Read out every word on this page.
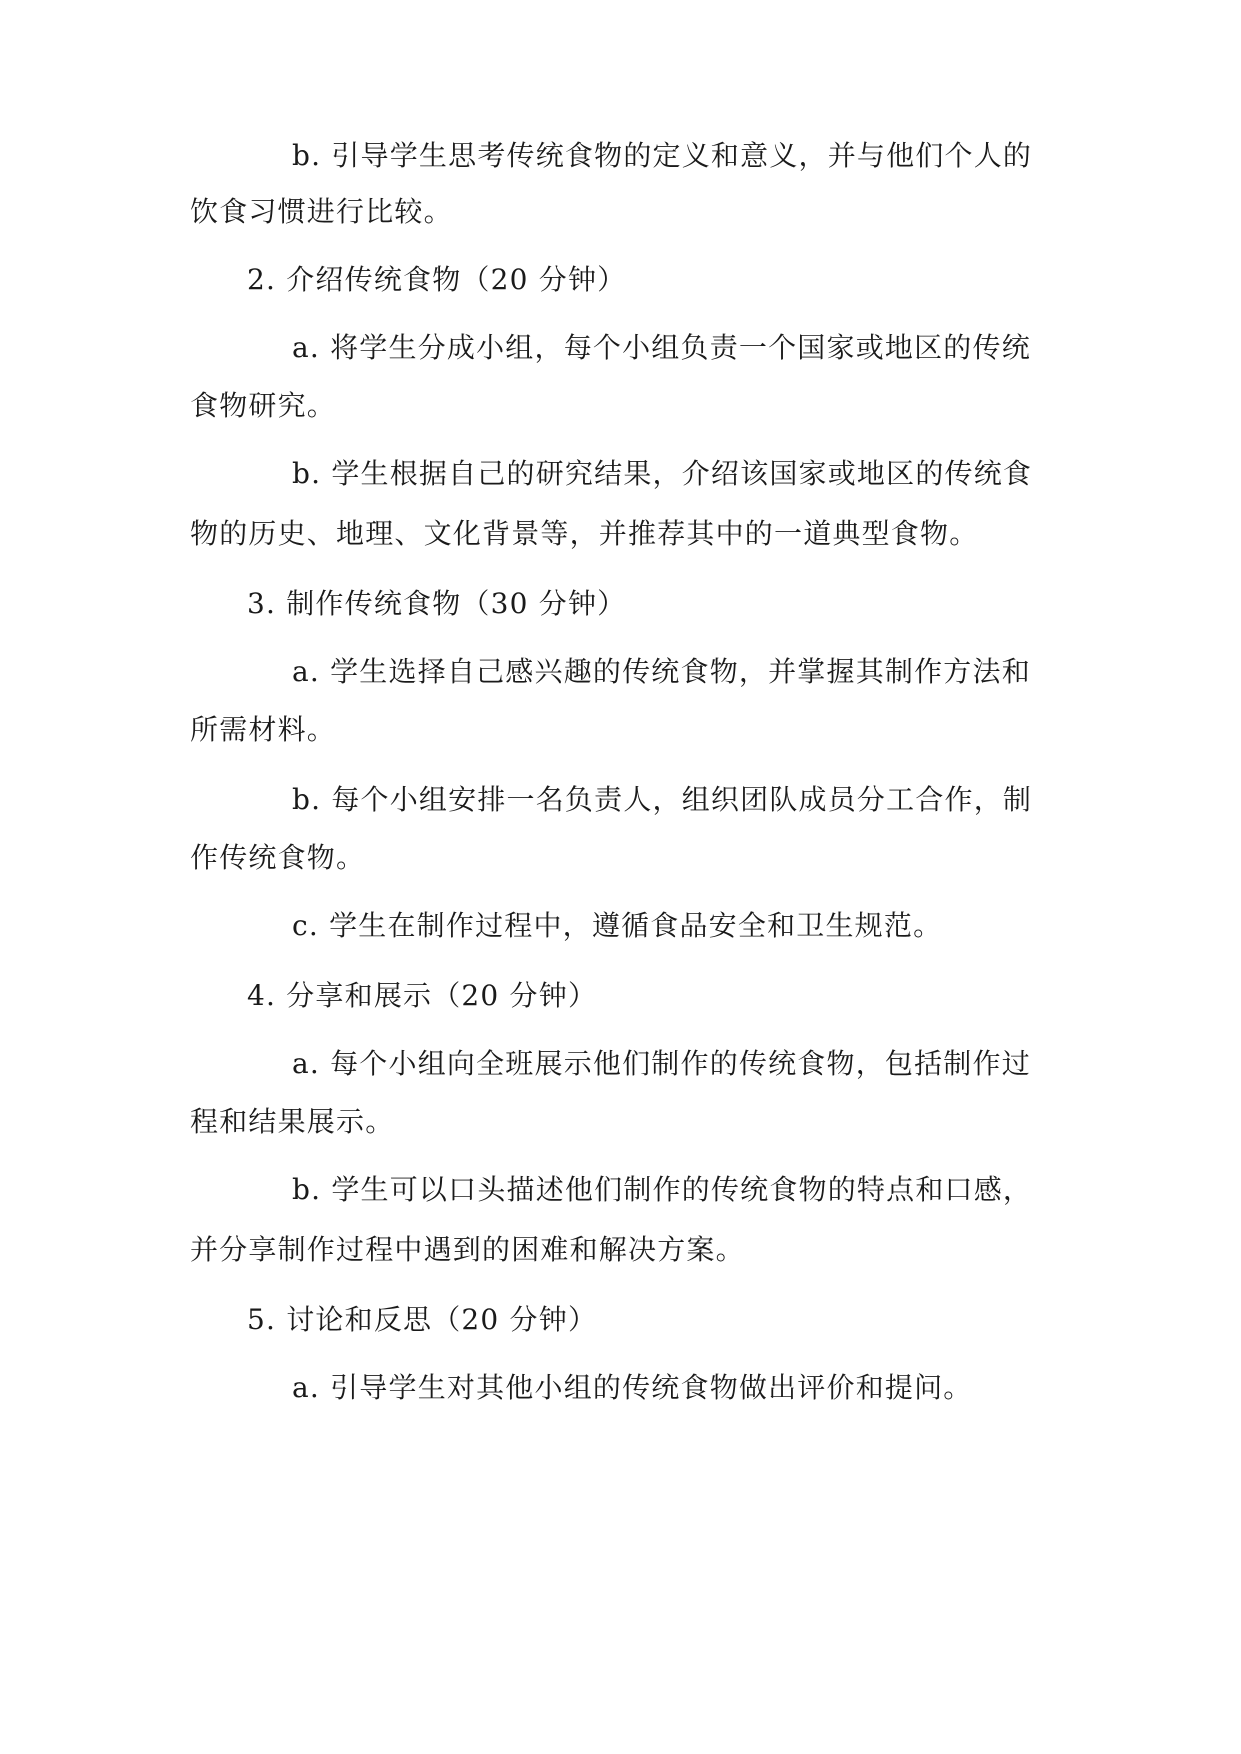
b. 引导学生思考传统食物的定义和意义，并与他们个人的
饮食习惯进行比较。
2. 介绍传统食物（20 分钟）
a. 将学生分成小组，每个小组负责一个国家或地区的传统
食物研究。
b. 学生根据自己的研究结果，介绍该国家或地区的传统食
物的历史、地理、文化背景等，并推荐其中的一道典型食物。
3. 制作传统食物（30 分钟）
a. 学生选择自己感兴趣的传统食物，并掌握其制作方法和
所需材料。
b. 每个小组安排一名负责人，组织团队成员分工合作，制
作传统食物。
c. 学生在制作过程中，遵循食品安全和卫生规范。
4. 分享和展示（20 分钟）
a. 每个小组向全班展示他们制作的传统食物，包括制作过
程和结果展示。
b. 学生可以口头描述他们制作的传统食物的特点和口感，
并分享制作过程中遇到的困难和解决方案。
5. 讨论和反思（20 分钟）
a. 引导学生对其他小组的传统食物做出评价和提问。
